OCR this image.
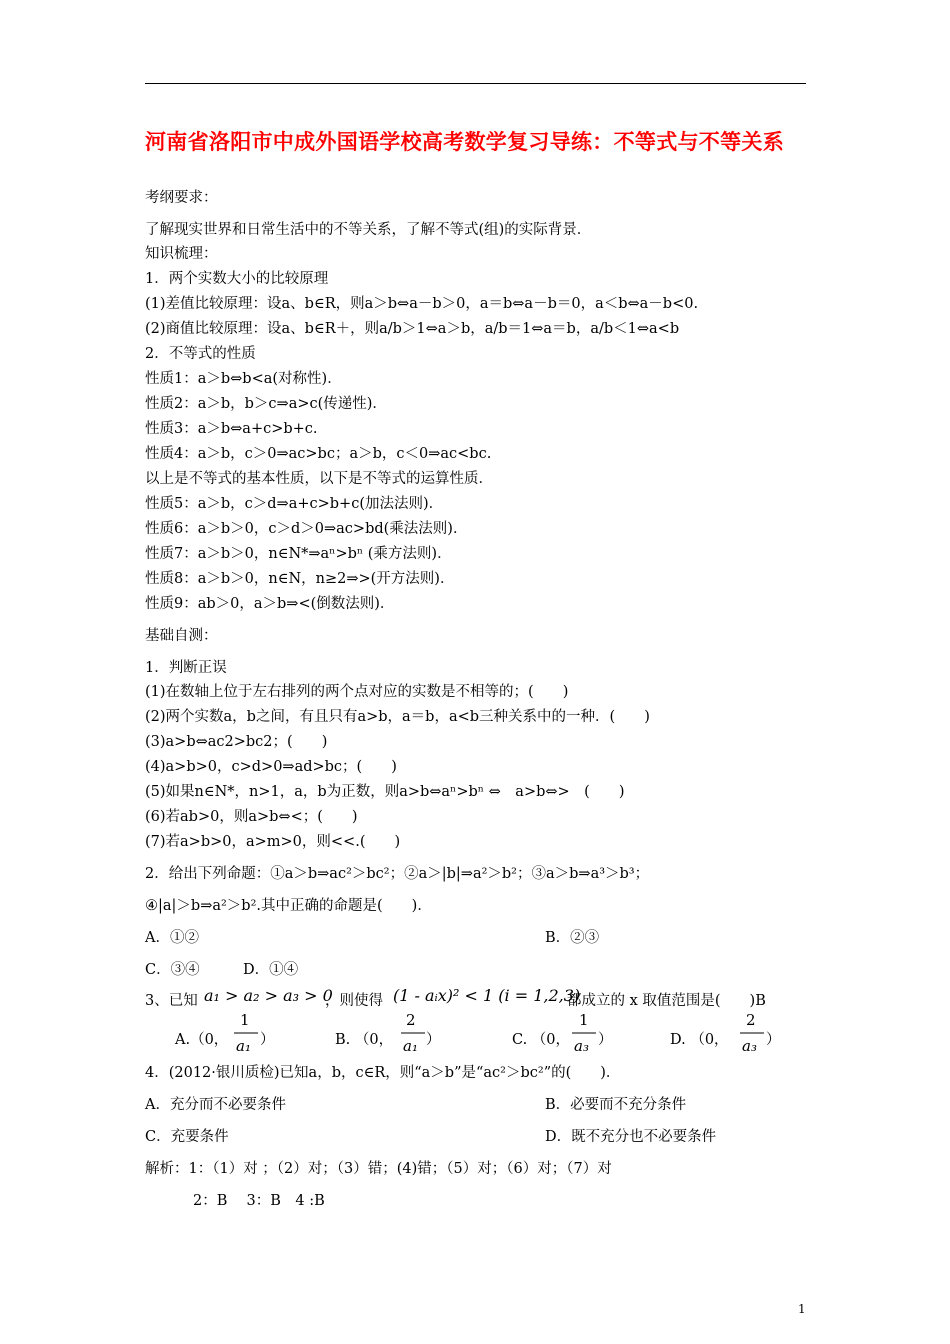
河南省洛阳市中成外国语学校高考数学复习导练：不等式与不等关系
考纲要求：
了解现实世界和日常生活中的不等关系，了解不等式(组)的实际背景．
知识梳理：
1．两个实数大小的比较原理
(1)差值比较原理：设a、b∈R，则a＞b⇔a－b＞0，a＝b⇔a－b＝0，a＜b⇔a－b<0.
(2)商值比较原理：设a、b∈R＋，则a/b＞1⇔a＞b，a/b＝1⇔a＝b，a/b＜1⇔a<b
2．不等式的性质
性质1：a＞b⇔b<a(对称性)．
性质2：a＞b，b＞c⇒a>c(传递性)．
性质3：a＞b⇔a+c>b+c.
性质4：a＞b，c＞0⇒ac>bc；a＞b，c＜0⇒ac<bc.
以上是不等式的基本性质，以下是不等式的运算性质．
性质5：a＞b，c＞d⇒a+c>b+c(加法法则)．
性质6：a＞b＞0，c＞d＞0⇒ac>bd(乘法法则)．
性质7：a＞b＞0，n∈N*⇒aⁿ>bⁿ (乘方法则)．
性质8：a＞b＞0，n∈N，n≥2⇒>(开方法则)．
性质9：ab＞0，a＞b⇒<(倒数法则)．
基础自测：
1．判断正误
(1)在数轴上位于左右排列的两个点对应的实数是不相等的；(　　)
(2)两个实数a，b之间，有且只有a>b，a＝b，a<b三种关系中的一种．(　　)
(3)a>b⇔ac2>bc2；(　　)
(4)a>b>0，c>d>0⇒ad>bc；(　　)
(5)如果n∈N*，n>1，a，b为正数，则a>b⇔aⁿ>bⁿ ⇔　a>b⇔>　(　　)
(6)若ab>0，则a>b⇔<；(　　)
(7)若a>b>0，a>m>0，则<<.(　　)
2．给出下列命题：①a＞b⇒ac²＞bc²；②a＞|b|⇒a²＞b²；③a＞b⇒a³＞b³；
④|a|＞b⇒a²＞b².其中正确的命题是(　　)．
A．①②	B．②③
C．③④	D．①④
3、已知 a₁ > a₂ > a₃ > 0
，则使得 (1 - aᵢx)² < 1 (i = 1,2,3)
都成立的 x 取值范围是(　　)B
A.（0，
1
a₁ ）	B. （0，
2
a₁ ）	C. （0，
1
a₃ ）	D. （0，
2
a₃ ）
4．(2012·银川质检)已知a，b，c∈R，则“a＞b”是“ac²＞bc²”的(　　)．
A．充分而不必要条件	B．必要而不充分条件
C．充要条件	D．既不充分也不必要条件
解析：1：（1）对 ；（2）对；（3）错；(4)错；（5）对；（6）对；（7）对
2：B　 3：B　4 :B
1
